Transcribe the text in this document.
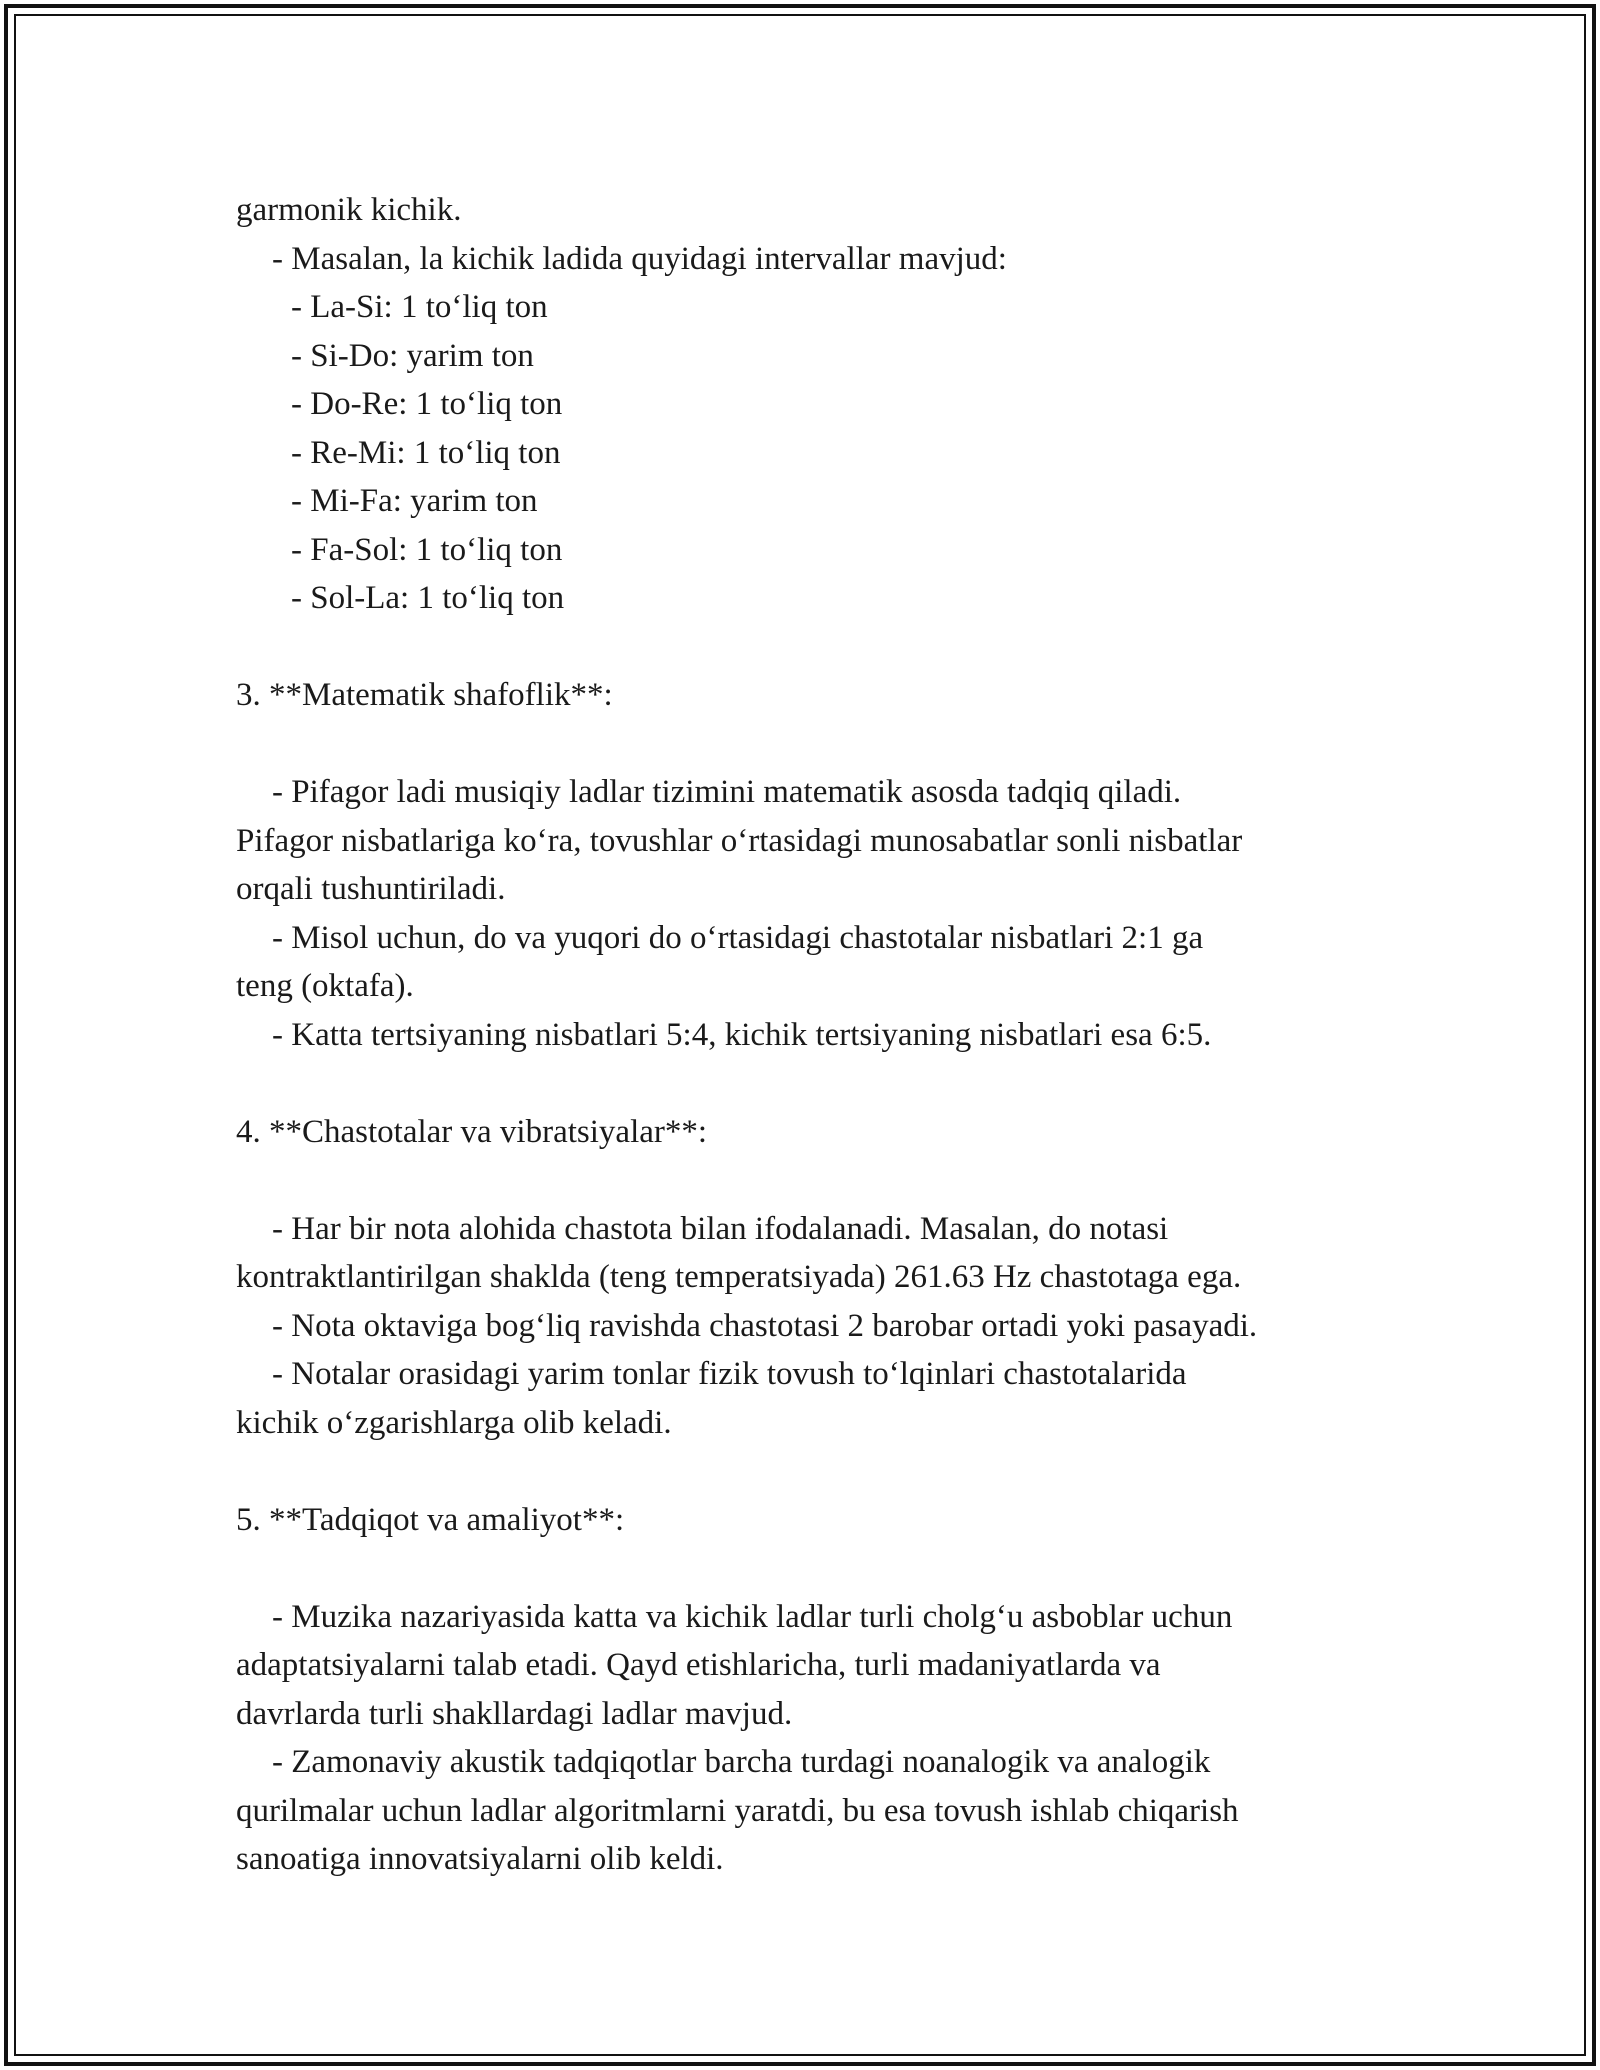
garmonik kichik.
- Masalan, la kichik ladida quyidagi intervallar mavjud:
- La-Si: 1 to‘liq ton
- Si-Do: yarim ton
- Do-Re: 1 to‘liq ton
- Re-Mi: 1 to‘liq ton
- Mi-Fa: yarim ton
- Fa-Sol: 1 to‘liq ton
- Sol-La: 1 to‘liq ton
3. **Matematik shafoflik**:
- Pifagor ladi musiqiy ladlar tizimini matematik asosda tadqiq qiladi.
Pifagor nisbatlariga ko‘ra, tovushlar o‘rtasidagi munosabatlar sonli nisbatlar
orqali tushuntiriladi.
- Misol uchun, do va yuqori do o‘rtasidagi chastotalar nisbatlari 2:1 ga
teng (oktafa).
- Katta tertsiyaning nisbatlari 5:4, kichik tertsiyaning nisbatlari esa 6:5.
4. **Chastotalar va vibratsiyalar**:
- Har bir nota alohida chastota bilan ifodalanadi. Masalan, do notasi
kontraktlantirilgan shaklda (teng temperatsiyada) 261.63 Hz chastotaga ega.
- Nota oktaviga bog‘liq ravishda chastotasi 2 barobar ortadi yoki pasayadi.
- Notalar orasidagi yarim tonlar fizik tovush to‘lqinlari chastotalarida
kichik o‘zgarishlarga olib keladi.
5. **Tadqiqot va amaliyot**:
- Muzika nazariyasida katta va kichik ladlar turli cholg‘u asboblar uchun
adaptatsiyalarni talab etadi. Qayd etishlaricha, turli madaniyatlarda va
davrlarda turli shakllardagi ladlar mavjud.
- Zamonaviy akustik tadqiqotlar barcha turdagi noanalogik va analogik
qurilmalar uchun ladlar algoritmlarni yaratdi, bu esa tovush ishlab chiqarish
sanoatiga innovatsiyalarni olib keldi.
